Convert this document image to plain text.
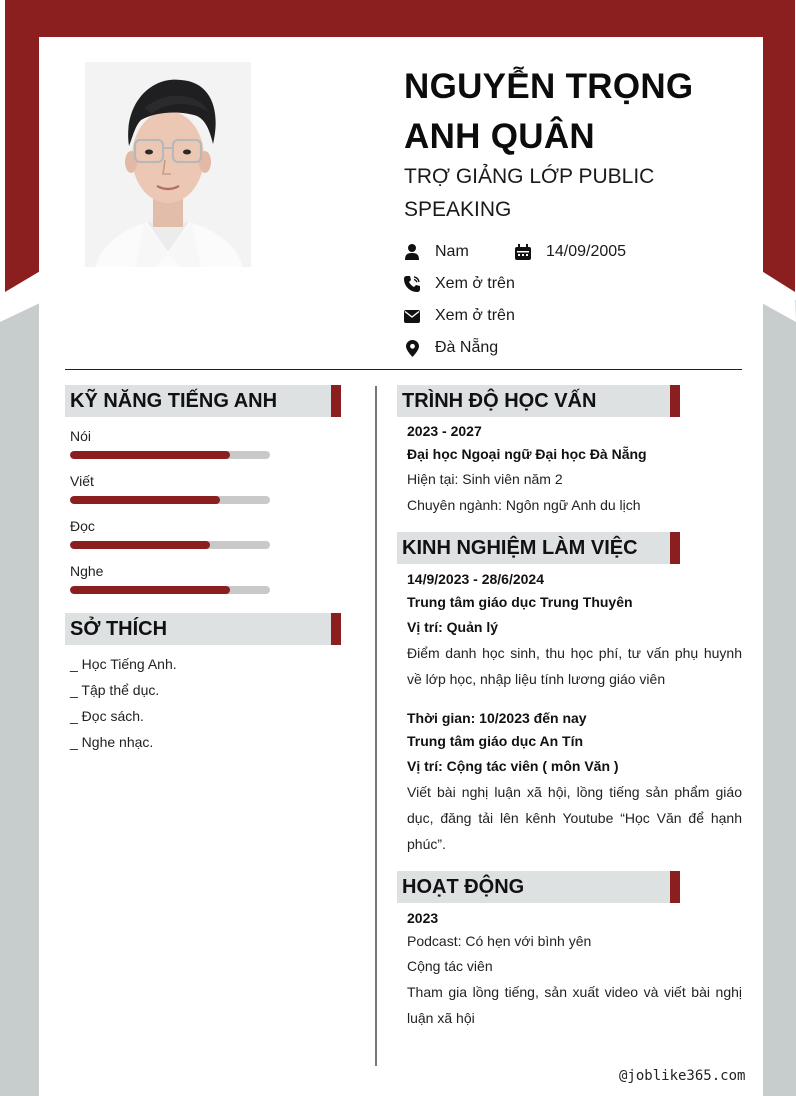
NGUYỄN TRỌNG ANH QUÂN
TRỢ GIẢNG LỚP PUBLIC SPEAKING
Nam	14/09/2005
Xem ở trên
Xem ở trên
Đà Nẵng
KỸ NĂNG TIẾNG ANH
Nói
Viết
Đọc
Nghe
SỞ THÍCH
_ Học Tiếng Anh.
_ Tập thể dục.
_ Đọc sách.
_ Nghe nhạc.
TRÌNH ĐỘ HỌC VẤN
2023 - 2027
Đại học Ngoại ngữ Đại học Đà Nẵng
Hiện tại: Sinh viên năm 2
Chuyên ngành: Ngôn ngữ Anh du lịch
KINH NGHIỆM LÀM VIỆC
14/9/2023 - 28/6/2024
Trung tâm giáo dục Trung Thuyên
Vị trí: Quản lý
Điểm danh học sinh, thu học phí, tư vấn phụ huynh về lớp học, nhập liệu tính lương giáo viên
Thời gian: 10/2023 đến nay
Trung tâm giáo dục An Tín
Vị trí: Cộng tác viên ( môn Văn )
Viết bài nghị luận xã hội, lồng tiếng sản phẩm giáo dục, đăng tải lên kênh Youtube “Học Văn để hạnh phúc”.
HOẠT ĐỘNG
2023
Podcast: Có hẹn với bình yên
Cộng tác viên
Tham gia lồng tiếng, sản xuất video và viết bài nghị luận xã hội
@joblike365.com
